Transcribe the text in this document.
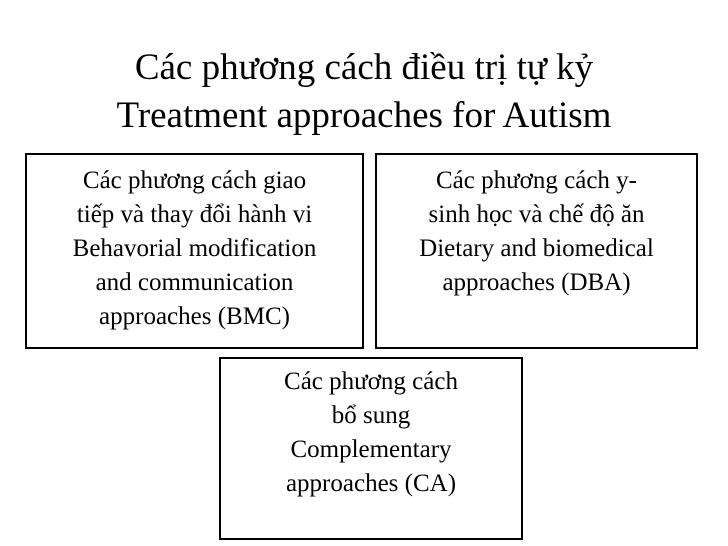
Các phương cách điều trị tự kỷ
Treatment approaches for Autism
Các phương cách giao
tiếp và thay đổi hành vi
Behavorial modification
and communication
approaches (BMC)
Các phương cách y-
sinh học và chế độ ăn
Dietary and biomedical
approaches (DBA)
Các phương cách
bổ sung
Complementary
approaches (CA)
